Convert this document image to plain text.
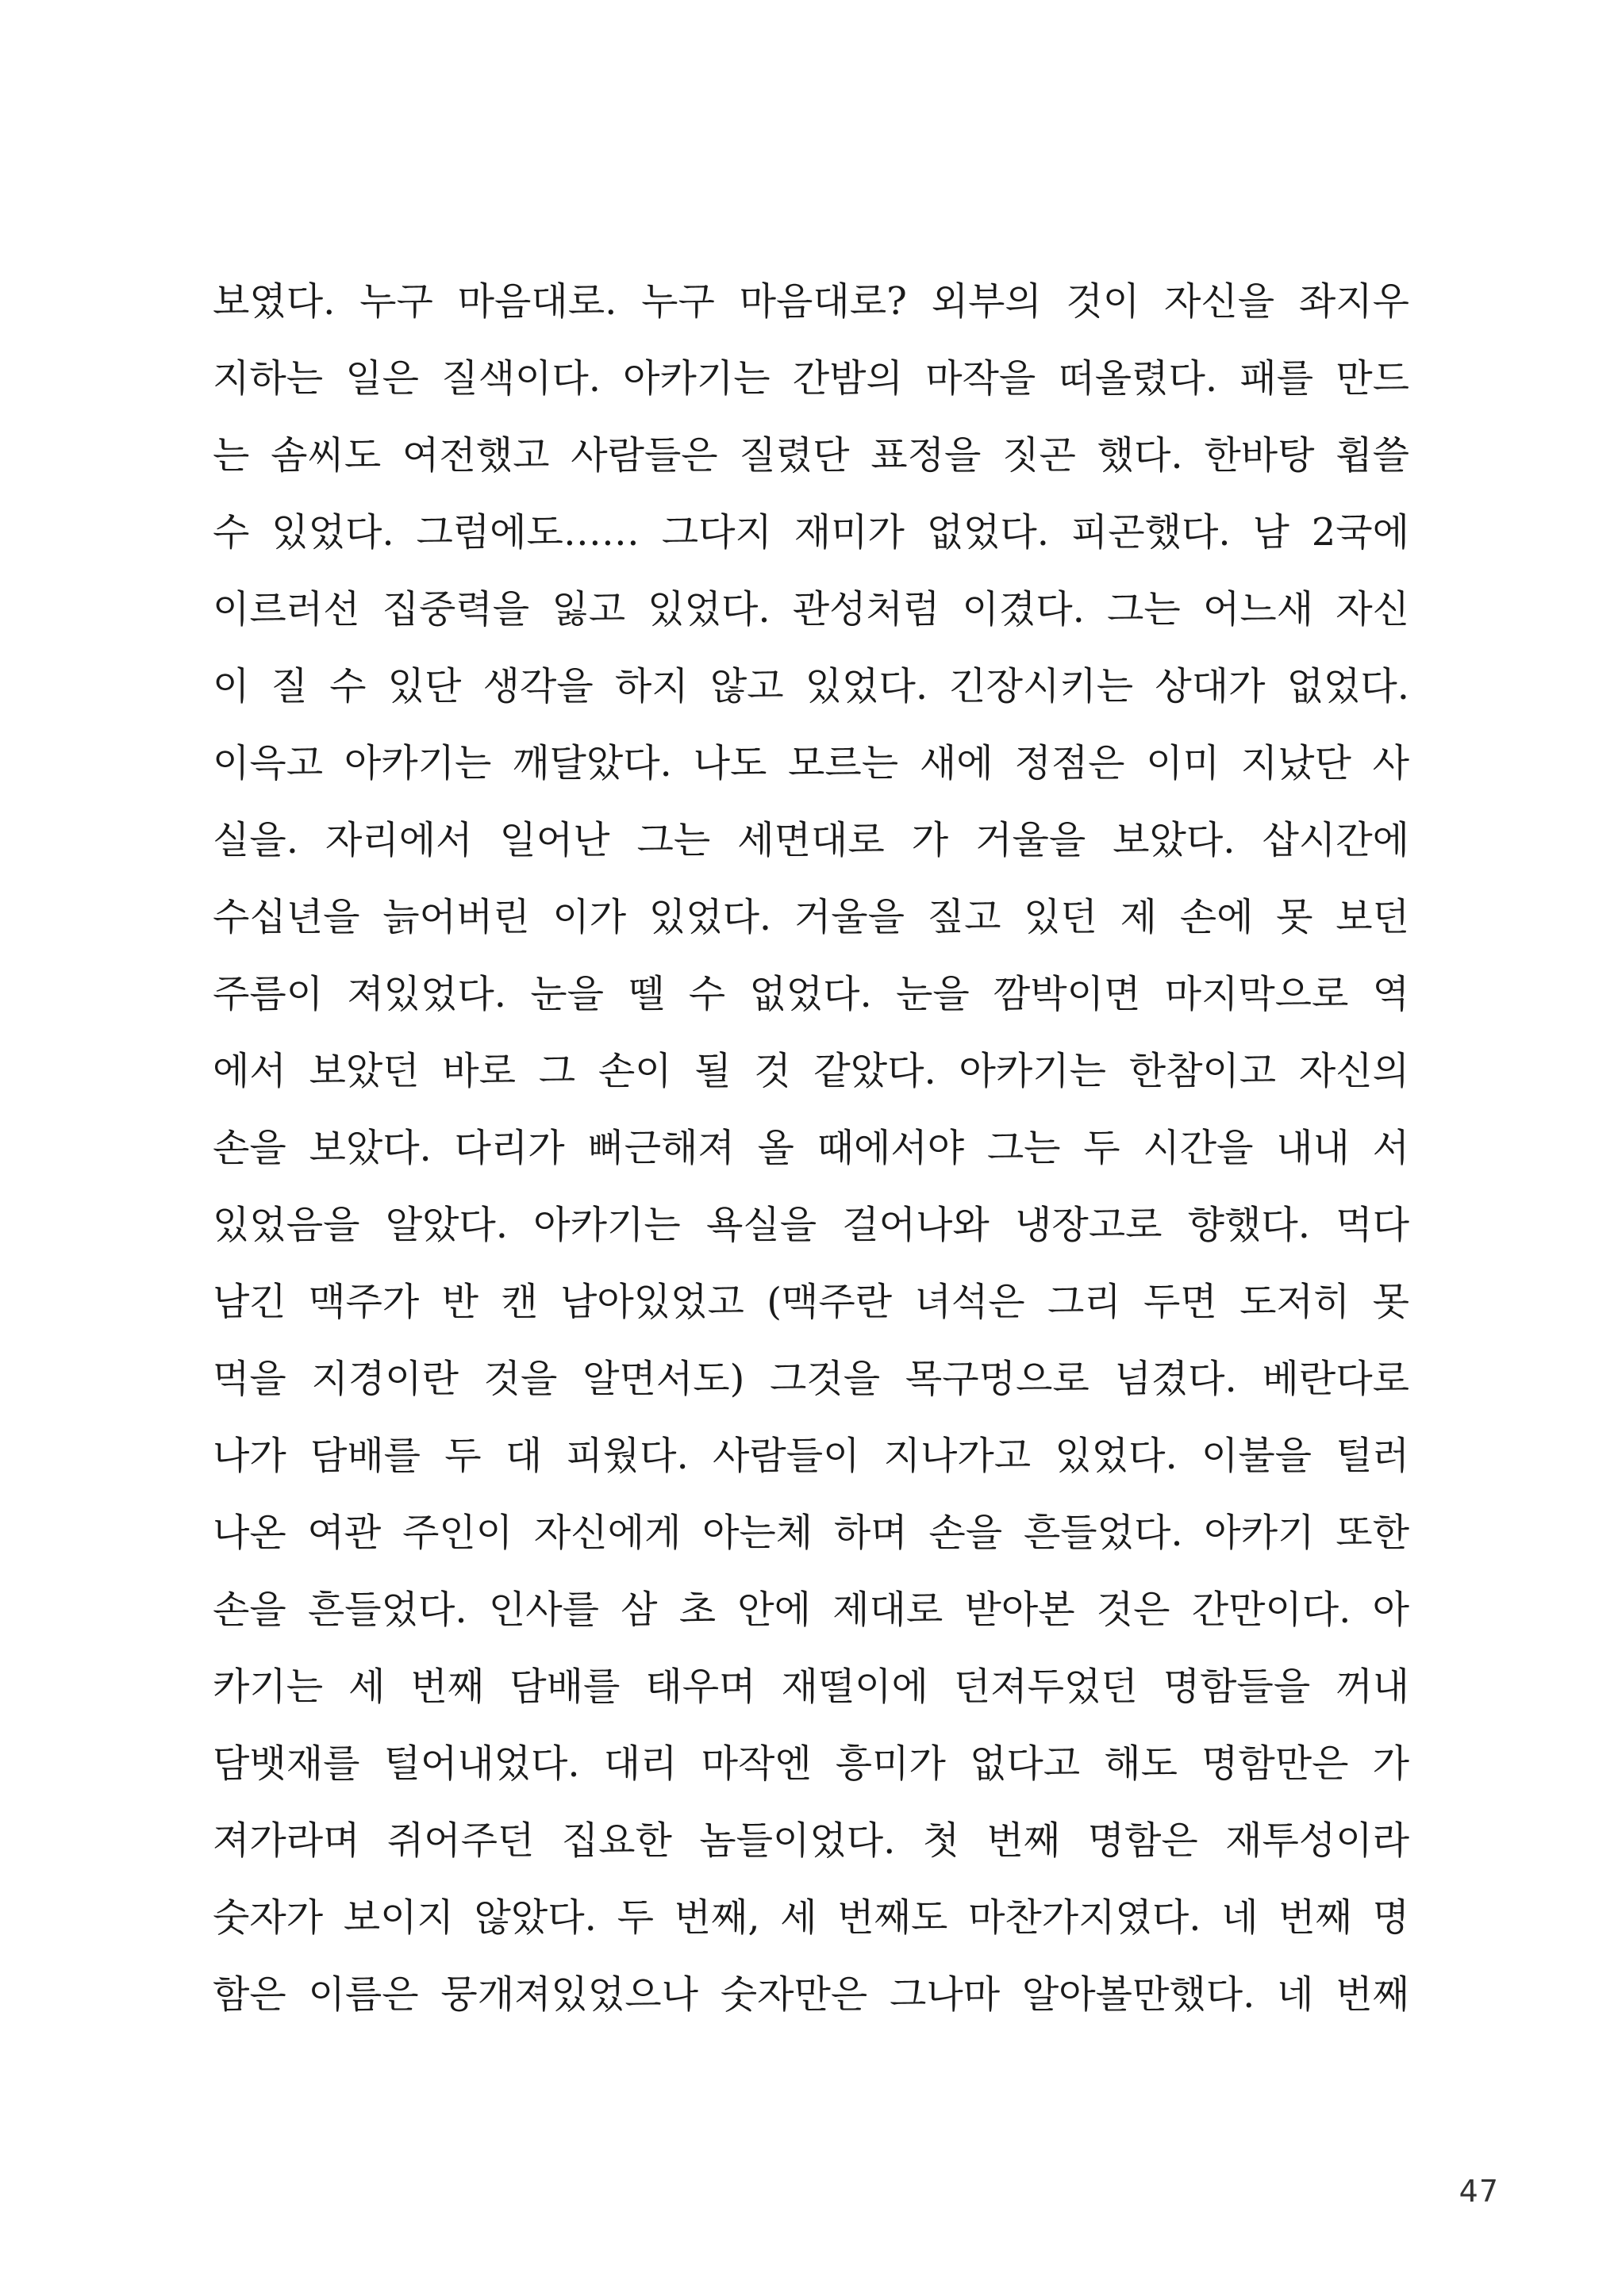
보였다. 누구 마음대로. 누구 마음대로? 외부의 것이 자신을 좌지우
지하는 일은 질색이다. 아카기는 간밤의 마작을 떠올렸다. 패를 만드
는 솜씨도 여전했고 사람들은 질렸단 표정을 짓곤 했다. 한바탕 휩쓸
수 있었다. 그럼에도…… 그다지 재미가 없었다. 피곤했다. 남 2국에
이르러선 집중력을 잃고 있었다. 관성처럼 이겼다. 그는 어느새 자신
이 질 수 있단 생각을 하지 않고 있었다. 긴장시키는 상대가 없었다.
이윽고 아카기는 깨달았다. 나도 모르는 새에 정점은 이미 지났단 사
실을. 자리에서 일어난 그는 세면대로 가 거울을 보았다. 삽시간에
수십년을 늙어버린 이가 있었다. 거울을 짚고 있던 제 손에 못 보던
주름이 져있었다. 눈을 뗄 수 없었다. 눈을 깜박이면 마지막으로 역
에서 보았던 바로 그 손이 될 것 같았다. 아카기는 한참이고 자신의
손을 보았다. 다리가 뻐근해져 올 때에서야 그는 두 시간을 내내 서
있었음을 알았다. 아카기는 욕실을 걸어나와 냉장고로 향했다. 먹다
남긴 맥주가 반 캔 남아있었고 (맥주란 녀석은 그리 두면 도저히 못
먹을 지경이란 것을 알면서도) 그것을 목구멍으로 넘겼다. 베란다로
나가 담배를 두 대 피웠다. 사람들이 지나가고 있었다. 이불을 털러
나온 여관 주인이 자신에게 아는체 하며 손을 흔들었다. 아카기 또한
손을 흔들었다. 인사를 삼 초 안에 제대로 받아본 것은 간만이다. 아
카기는 세 번째 담배를 태우며 재떨이에 던져두었던 명함들을 꺼내
담뱃재를 털어내었다. 대리 마작엔 흥미가 없다고 해도 명함만은 가
져가라며 쥐어주던 집요한 놈들이었다. 첫 번째 명함은 재투성이라
숫자가 보이지 않았다. 두 번째, 세 번째도 마찬가지였다. 네 번째 명
함은 이름은 뭉개져있었으나 숫자만은 그나마 알아볼만했다. 네 번째
47
